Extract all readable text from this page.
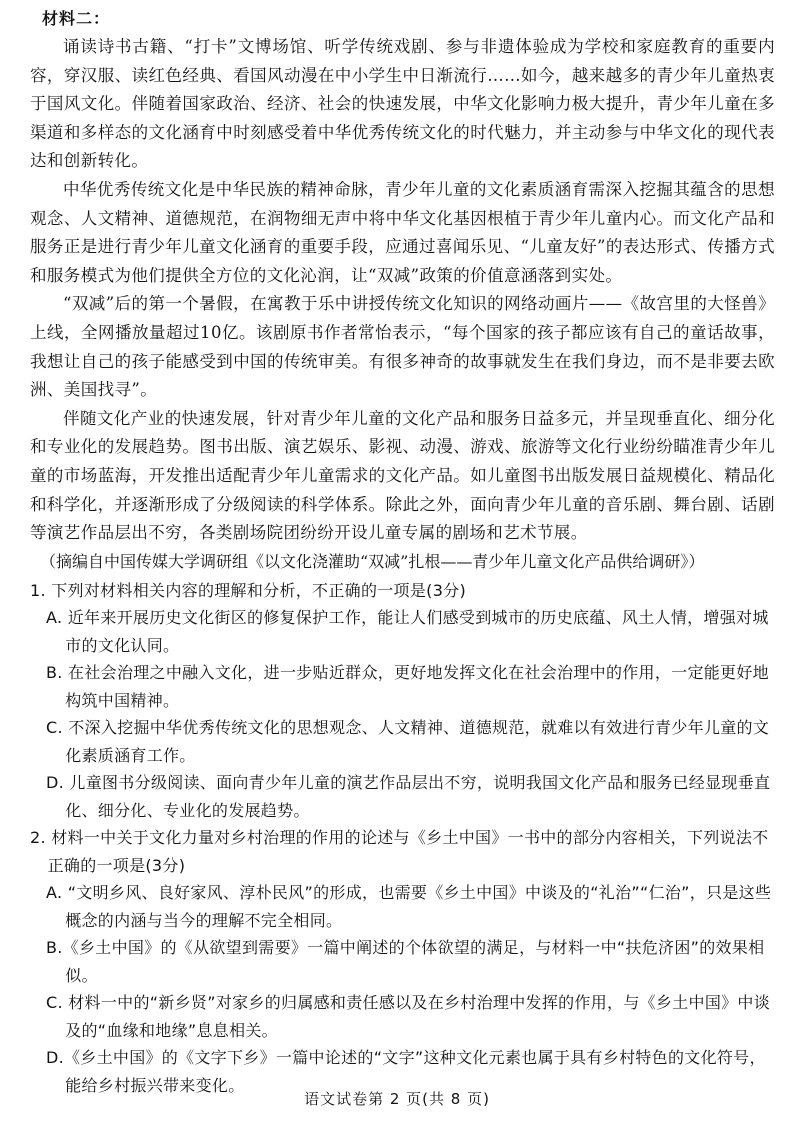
材料二：

诵读诗书古籍、“打卡”文博场馆、听学传统戏剧、参与非遗体验成为学校和家庭教育的重要内容，穿汉服、读红色经典、看国风动漫在中小学生中日渐流行……如今，越来越多的青少年儿童热衷于国风文化。伴随着国家政治、经济、社会的快速发展，中华文化影响力极大提升，青少年儿童在多渠道和多样态的文化涵育中时刻感受着中华优秀传统文化的时代魅力，并主动参与中华文化的现代表达和创新转化。

中华优秀传统文化是中华民族的精神命脉，青少年儿童的文化素质涵育需深入挖掘其蕴含的思想观念、人文精神、道德规范，在润物细无声中将中华文化基因根植于青少年儿童内心。而文化产品和服务正是进行青少年儿童文化涵育的重要手段，应通过喜闻乐见、“儿童友好”的表达形式、传播方式和服务模式为他们提供全方位的文化沁润，让“双减”政策的价值意涵落到实处。

“双减”后的第一个暑假，在寓教于乐中讲授传统文化知识的网络动画片——《故宫里的大怪兽》上线，全网播放量超过10亿。该剧原书作者常怡表示，“每个国家的孩子都应该有自己的童话故事，我想让自己的孩子能感受到中国的传统审美。有很多神奇的故事就发生在我们身边，而不是非要去欧洲、美国找寻”。

伴随文化产业的快速发展，针对青少年儿童的文化产品和服务日益多元，并呈现垂直化、细分化和专业化的发展趋势。图书出版、演艺娱乐、影视、动漫、游戏、旅游等文化行业纷纷瞄准青少年儿童的市场蓝海，开发推出适配青少年儿童需求的文化产品。如儿童图书出版发展日益规模化、精品化和科学化，并逐渐形成了分级阅读的科学体系。除此之外，面向青少年儿童的音乐剧、舞台剧、话剧等演艺作品层出不穷，各类剧场院团纷纷开设儿童专属的剧场和艺术节展。

（摘编自中国传媒大学调研组《以文化浇灌助“双减”扎根——青少年儿童文化产品供给调研》）

1. 下列对材料相关内容的理解和分析，不正确的一项是(3分)
A. 近年来开展历史文化街区的修复保护工作，能让人们感受到城市的历史底蕴、风土人情，增强对城市的文化认同。
B. 在社会治理之中融入文化，进一步贴近群众，更好地发挥文化在社会治理中的作用，一定能更好地构筑中国精神。
C. 不深入挖掘中华优秀传统文化的思想观念、人文精神、道德规范，就难以有效进行青少年儿童的文化素质涵育工作。
D. 儿童图书分级阅读、面向青少年儿童的演艺作品层出不穷，说明我国文化产品和服务已经显现垂直化、细分化、专业化的发展趋势。
2. 材料一中关于文化力量对乡村治理的作用的论述与《乡土中国》一书中的部分内容相关，下列说法不正确的一项是(3分)
A. “文明乡风、良好家风、淳朴民风”的形成，也需要《乡土中国》中谈及的“礼治”“仁治”，只是这些概念的内涵与当今的理解不完全相同。
B.《乡土中国》的《从欲望到需要》一篇中阐述的个体欲望的满足，与材料一中“扶危济困”的效果相似。
C. 材料一中的“新乡贤”对家乡的归属感和责任感以及在乡村治理中发挥的作用，与《乡土中国》中谈及的“血缘和地缘”息息相关。
D.《乡土中国》的《文字下乡》一篇中论述的“文字”这种文化元素也属于具有乡村特色的文化符号，能给乡村振兴带来变化。
语文试卷第 2 页(共 8 页)
